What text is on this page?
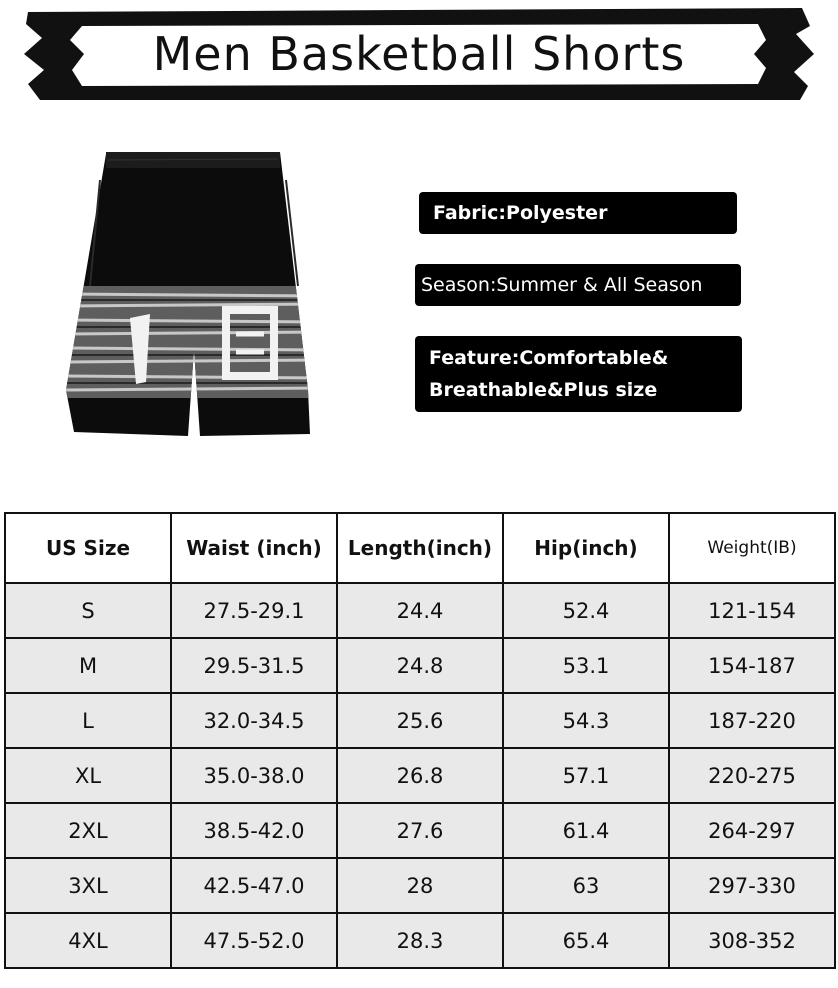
Men Basketball Shorts
Fabric:Polyester
Season:Summer & All Season
Feature:Comfortable&
Breathable&Plus size
US Size	Waist (inch)	Length(inch)	Hip(inch)	Weight(IB)
S	27.5-29.1	24.4	52.4	121-154
M	29.5-31.5	24.8	53.1	154-187
L	32.0-34.5	25.6	54.3	187-220
XL	35.0-38.0	26.8	57.1	220-275
2XL	38.5-42.0	27.6	61.4	264-297
3XL	42.5-47.0	28	63	297-330
4XL	47.5-52.0	28.3	65.4	308-352
